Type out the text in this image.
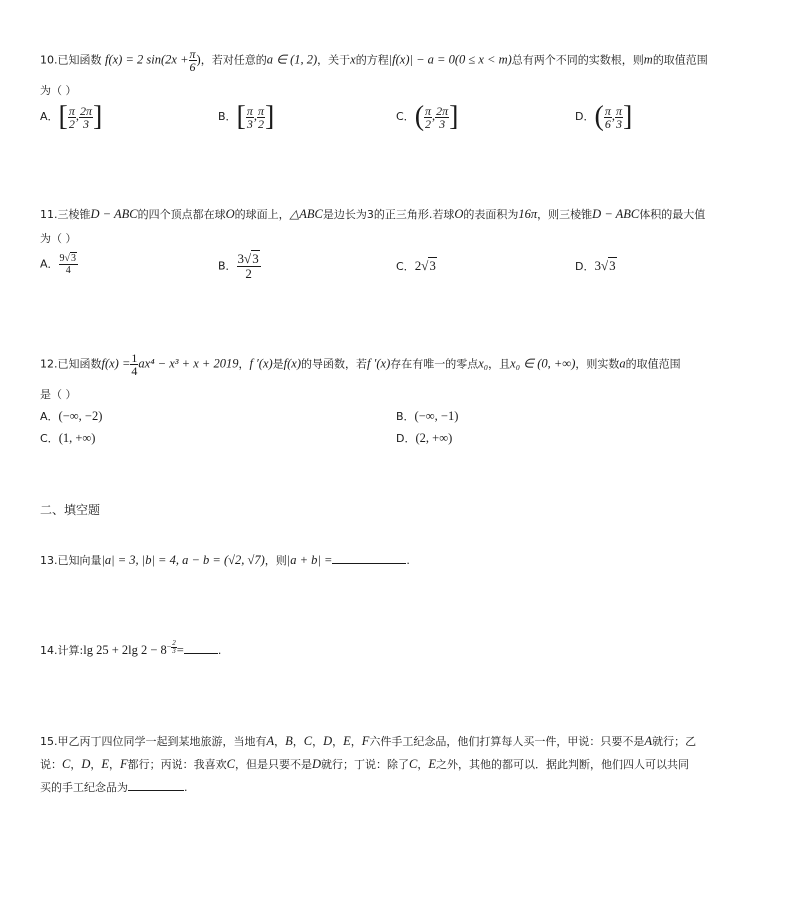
10.已知函数 f(x) = 2 $\sin(2x + \frac{\pi}{6}$ )，若对任意的a ∈ (1, 2)，关于x的方程|f(x)| − a = 0(0 ≤ x < m)总有两个不同的实数根，则m的取值范围
为（ ）
A．[ $\frac{\pi}{2}$ , $\frac{2\pi}{3}$ ]	B．[ $\frac{\pi}{3}$ , $\frac{\pi}{2}$ ]	C．( $\frac{\pi}{2}$ , $\frac{2\pi}{3}$ ]	D．( $\frac{\pi}{6}$ , $\frac{\pi}{3}$ ]
11.三棱锥D − ABC的四个顶点都在球O的球面上，△ABC是边长为3的正三角形.若球O的表面积为16π，则三棱锥D − ABC体积的最大值
为（ ）
A． $\frac{9√3}{4}$	B． $\frac{3√3}{2}$	C．2√3	D．3√3
12.已知函数$f(x) = \frac{1}{4} ax^4 - x^3 + x + 2019$，f ′(x)是f(x)的导函数，若f ′(x)存在有唯一的零点x₀，且x₀ ∈ (0, +∞)，则实数a的取值范围
是（ ）
A．(−∞, −2)	B．(−∞, −1)
C．(1, +∞)	D．(2, +∞)
二、填空题
13.已知向量|a| = 3, |b| = 4, a − b = (√2, √7)，则|a + b| =	.
14.计算:lg 25 + 2lg $2 - 8^{- \frac{2}{3}}$ =	.
15.甲乙丙丁四位同学一起到某地旅游，当地有A，B，C，D，E，F六件手工纪念品，他们打算每人买一件，甲说：只要不是A就行；乙
说：C，D，E，F都行；丙说：我喜欢C，但是只要不是D就行；丁说：除了C，E之外，其他的都可以．据此判断，他们四人可以共同
买的手工纪念品为	.
